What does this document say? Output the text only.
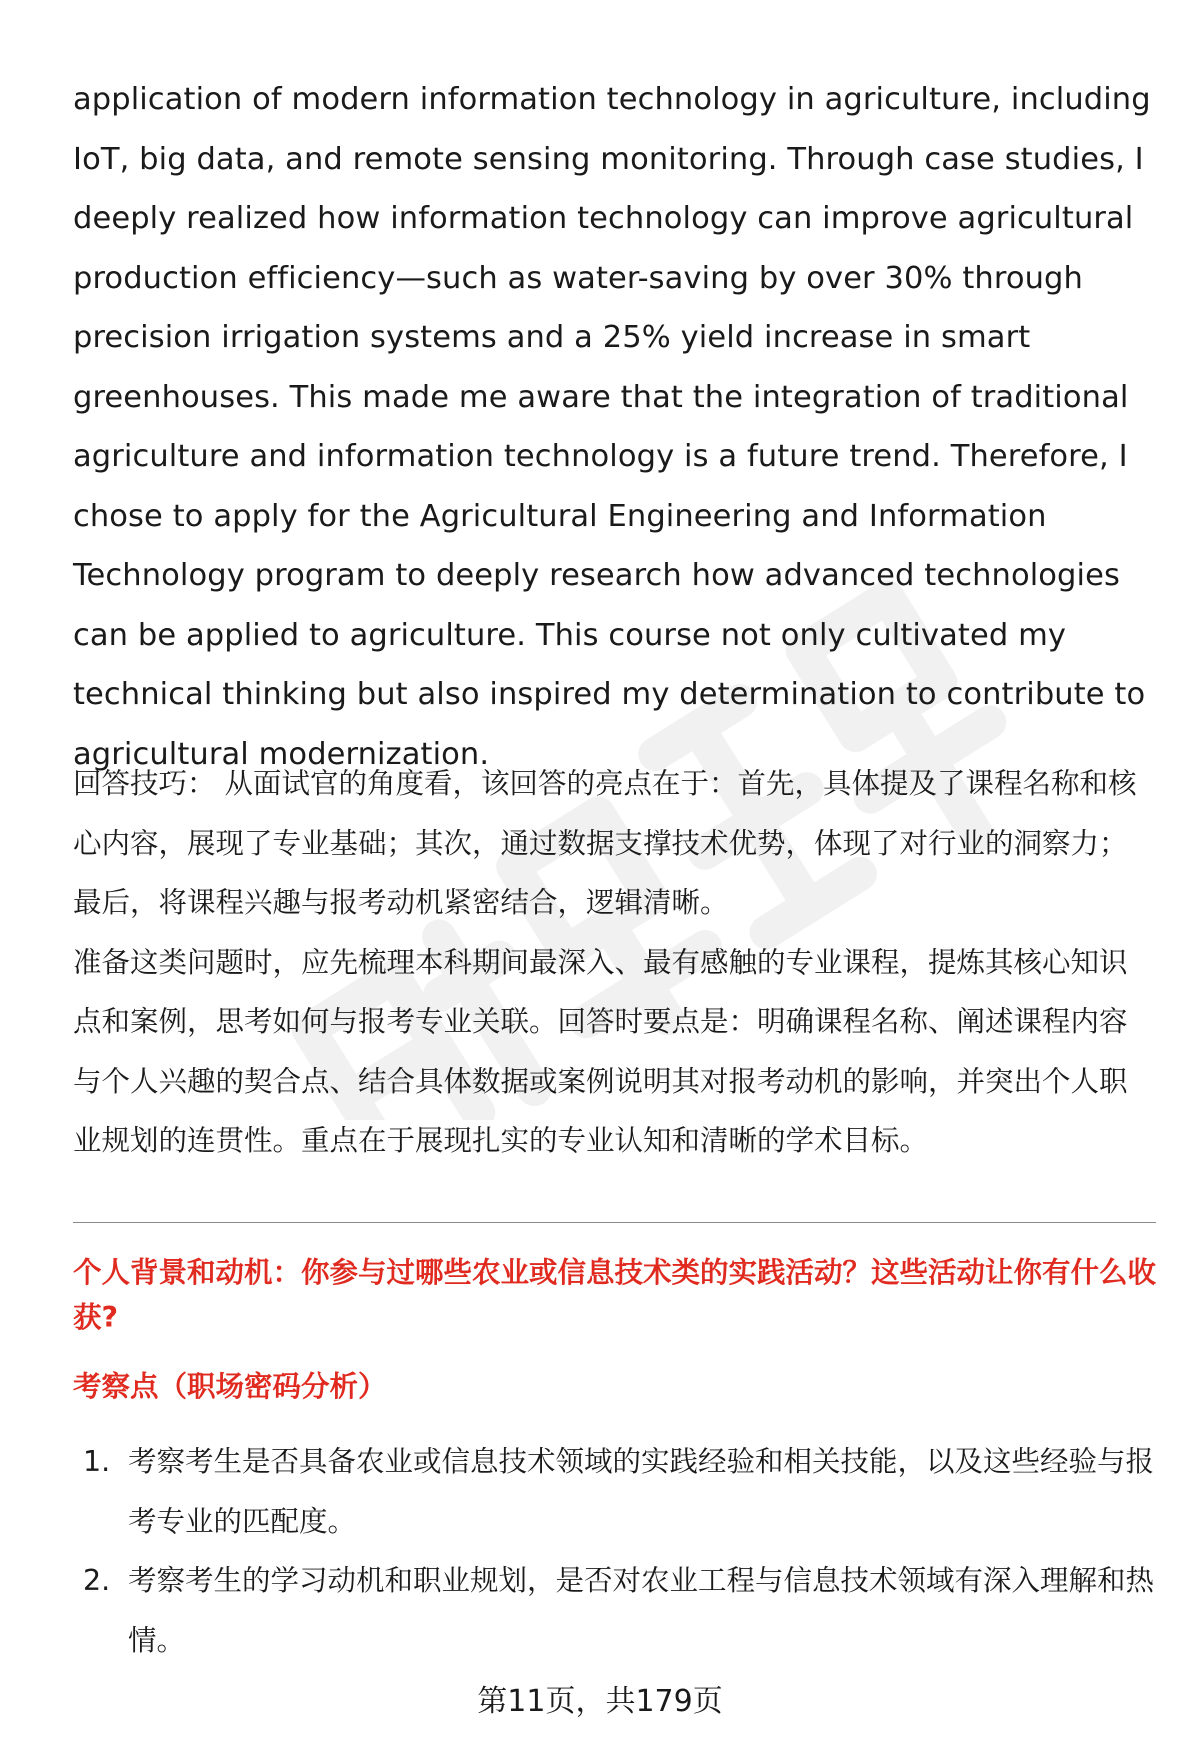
application of modern information technology in agriculture, including IoT, big data, and remote sensing monitoring. Through case studies, I deeply realized how information technology can improve agricultural production efficiency—such as water-saving by over 30% through precision irrigation systems and a 25% yield increase in smart greenhouses. This made me aware that the integration of traditional agriculture and information technology is a future trend. Therefore, I chose to apply for the Agricultural Engineering and Information Technology program to deeply research how advanced technologies can be applied to agriculture. This course not only cultivated my technical thinking but also inspired my determination to contribute to agricultural modernization.

回答技巧： 从面试官的角度看，该回答的亮点在于：首先，具体提及了课程名称和核心内容，展现了专业基础；其次，通过数据支撑技术优势，体现了对行业的洞察力；最后，将课程兴趣与报考动机紧密结合，逻辑清晰。

准备这类问题时，应先梳理本科期间最深入、最有感触的专业课程，提炼其核心知识点和案例，思考如何与报考专业关联。回答时要点是：明确课程名称、阐述课程内容与个人兴趣的契合点、结合具体数据或案例说明其对报考动机的影响，并突出个人职业规划的连贯性。重点在于展现扎实的专业认知和清晰的学术目标。

个人背景和动机：你参与过哪些农业或信息技术类的实践活动？这些活动让你有什么收获?

考察点（职场密码分析）

1. 考察考生是否具备农业或信息技术领域的实践经验和相关技能，以及这些经验与报考专业的匹配度。
2. 考察考生的学习动机和职业规划，是否对农业工程与信息技术领域有深入理解和热情。
第11页，共179页
